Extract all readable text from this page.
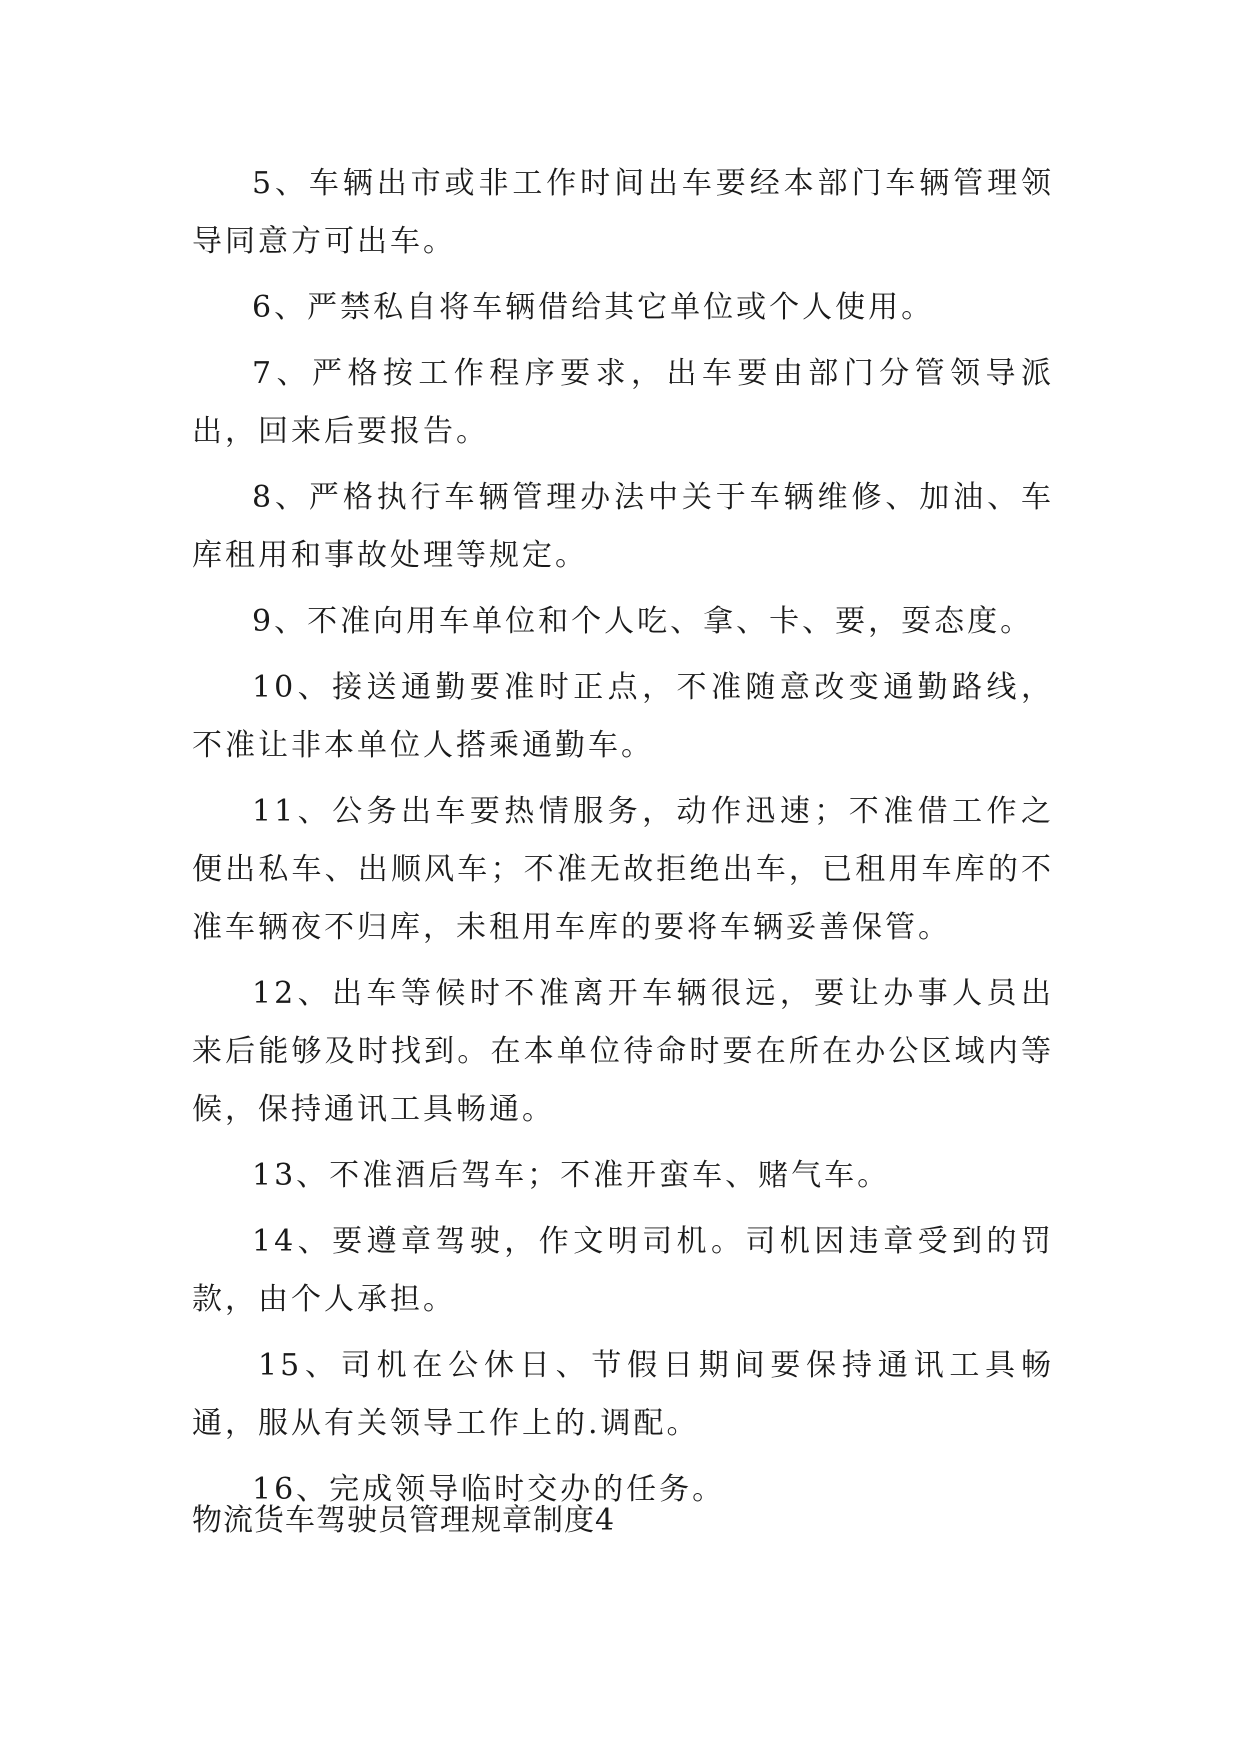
5、车辆出市或非工作时间出车要经本部门车辆管理领导同意方可出车。

6、严禁私自将车辆借给其它单位或个人使用。

7、严格按工作程序要求，出车要由部门分管领导派出，回来后要报告。

8、严格执行车辆管理办法中关于车辆维修、加油、车库租用和事故处理等规定。

9、不准向用车单位和个人吃、拿、卡、要，耍态度。

10、接送通勤要准时正点，不准随意改变通勤路线，不准让非本单位人搭乘通勤车。

11、公务出车要热情服务，动作迅速；不准借工作之便出私车、出顺风车；不准无故拒绝出车，已租用车库的不准车辆夜不归库，未租用车库的要将车辆妥善保管。

12、出车等候时不准离开车辆很远，要让办事人员出来后能够及时找到。在本单位待命时要在所在办公区域内等候，保持通讯工具畅通。

13、不准酒后驾车；不准开蛮车、赌气车。

14、要遵章驾驶，作文明司机。司机因违章受到的罚款，由个人承担。

15、司机在公休日、节假日期间要保持通讯工具畅通，服从有关领导工作上的.调配。

16、完成领导临时交办的任务。

物流货车驾驶员管理规章制度4
